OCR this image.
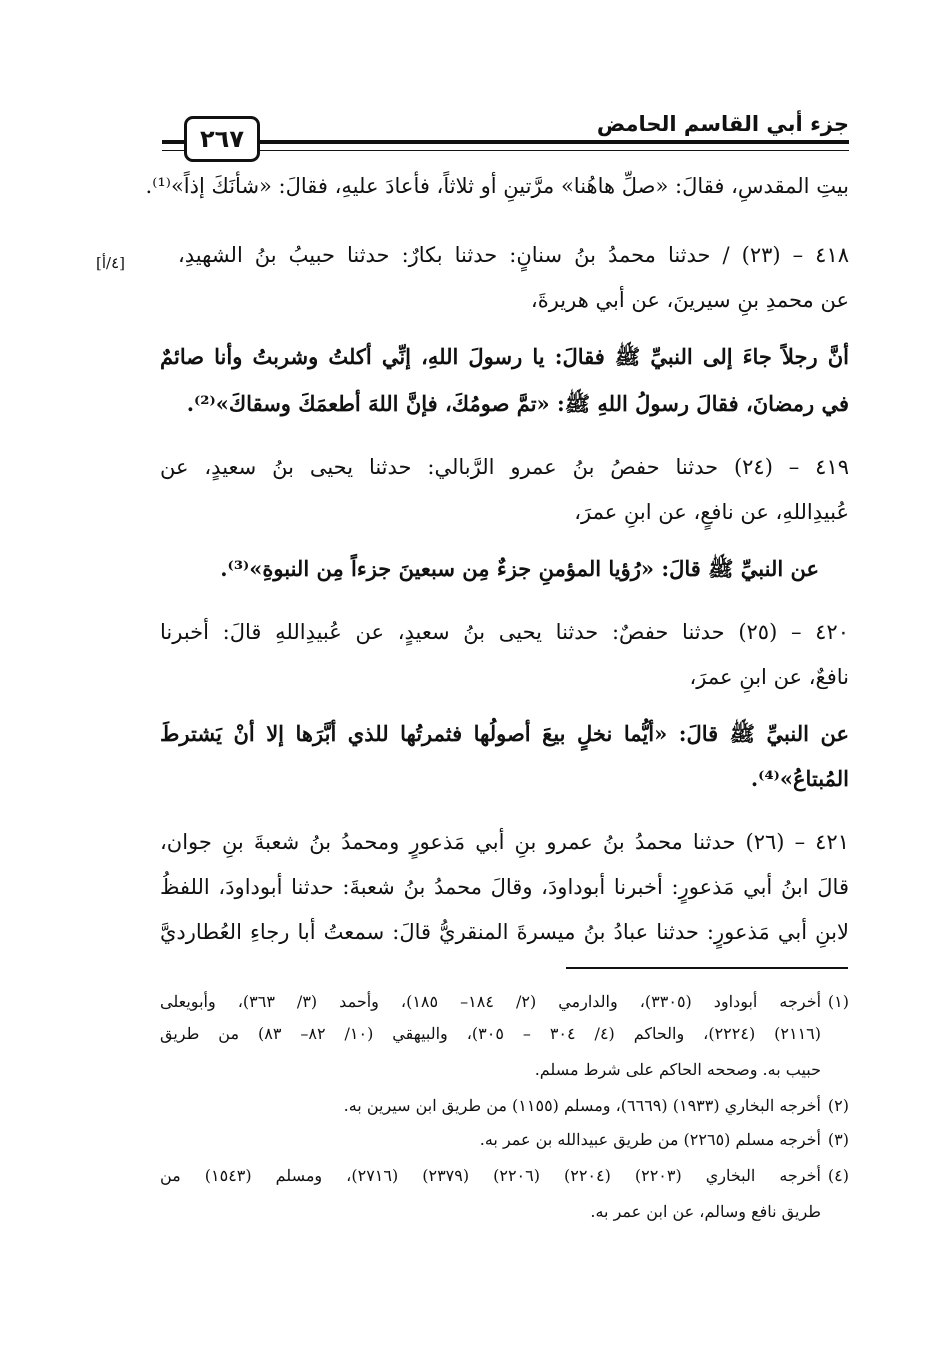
جزء أبي القاسم الحامض
٢٦٧
[٤/أ]
بيتِ المقدسِ، فقالَ: «صلِّ هاهُنا» مرَّتينِ أو ثلاثاً، فأعادَ عليهِ، فقالَ: «شأنَكَ إذاً»⁽¹⁾.
٤١٨ – (٢٣) / حدثنا محمدُ بنُ سنانٍ: حدثنا بكارٌ: حدثنا حبيبُ بنُ الشهيدِ،
عن محمدِ بنِ سيرينَ، عن أبي هريرةَ،
أنَّ رجلاً جاءَ إلى النبيِّ ﷺ فقالَ: يا رسولَ اللهِ، إنِّي أكلتُ وشربتُ وأنا صائمٌ
في رمضانَ، فقالَ رسولُ اللهِ ﷺ: «تمَّ صومُكَ، فإنَّ اللهَ أطعمَكَ وسقاكَ»⁽²⁾.
٤١٩ – (٢٤) حدثنا حفصُ بنُ عمرو الرَّبالي: حدثنا يحيى بنُ سعيدٍ، عن
عُبيدِاللهِ، عن نافعٍ، عن ابنِ عمرَ،
عن النبيِّ ﷺ قالَ: «رُؤيا المؤمنِ جزءٌ مِن سبعينَ جزءاً مِن النبوةِ»⁽³⁾.
٤٢٠ – (٢٥) حدثنا حفصٌ: حدثنا يحيى بنُ سعيدٍ، عن عُبيدِاللهِ قالَ: أخبرنا
نافعٌ، عن ابنِ عمرَ،
عن النبيِّ ﷺ قالَ: «أيُّما نخلٍ بيعَ أصولُها فثمرتُها للذي أبَّرَها إلا أنْ يَشترطَ
المُبتاعُ»⁽⁴⁾.
٤٢١ – (٢٦) حدثنا محمدُ بنُ عمرو بنِ أبي مَذعورٍ ومحمدُ بنُ شعبةَ بنِ جوان،
قالَ ابنُ أبي مَذعورٍ: أخبرنا أبوداودَ، وقالَ محمدُ بنُ شعبةَ: حدثنا أبوداودَ، اللفظُ
لابنِ أبي مَذعورٍ: حدثنا عبادُ بنُ ميسرةَ المنقريُّ قالَ: سمعتُ أبا رجاءِ العُطارديَّ
(١)
أخرجه أبوداود (٣٣٠٥)، والدارمي (٢/ ١٨٤– ١٨٥)، وأحمد (٣/ ٣٦٣)، وأبويعلى
(٢١١٦) (٢٢٢٤)، والحاكم (٤/ ٣٠٤ – ٣٠٥)، والبيهقي (١٠/ ٨٢– ٨٣) من طريق
حبيب به. وصححه الحاكم على شرط مسلم.
(٢)
أخرجه البخاري (١٩٣٣) (٦٦٦٩)، ومسلم (١١٥٥) من طريق ابن سيرين به.
(٣)
أخرجه مسلم (٢٢٦٥) من طريق عبيدالله بن عمر به.
(٤)
أخرجه البخاري (٢٢٠٣) (٢٢٠٤) (٢٢٠٦) (٢٣٧٩) (٢٧١٦)، ومسلم (١٥٤٣) من
طريق نافع وسالم، عن ابن عمر به.
